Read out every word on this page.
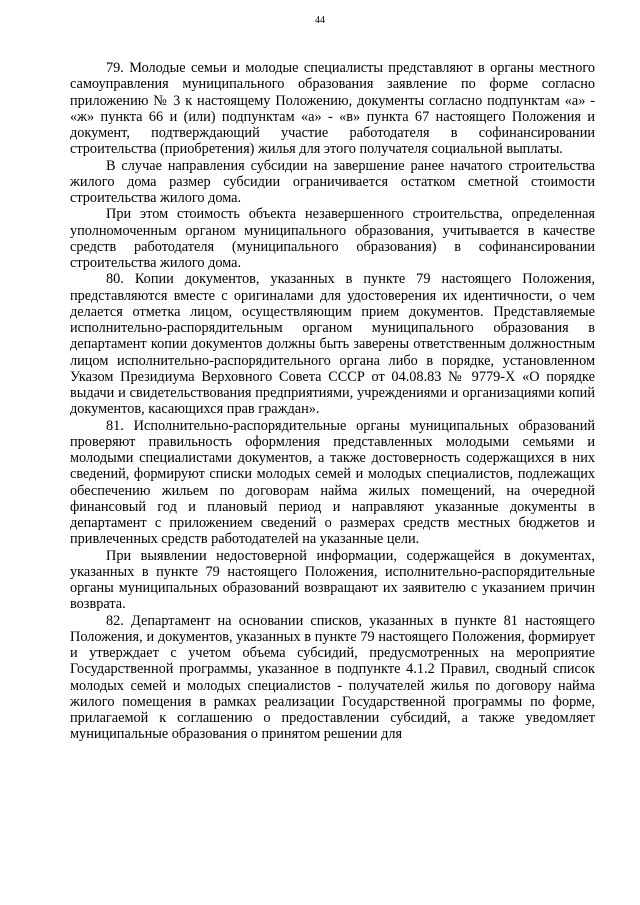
44

79. Молодые семьи и молодые специалисты представляют в органы местного самоуправления муниципального образования заявление по форме согласно приложению № 3 к настоящему Положению, документы согласно подпунктам «а» - «ж» пункта 66 и (или) подпунктам «а» - «в» пункта 67 настоящего Положения и документ, подтверждающий участие работодателя в софинансировании строительства (приобретения) жилья для этого получателя социальной выплаты.

В случае направления субсидии на завершение ранее начатого строительства жилого дома размер субсидии ограничивается остатком сметной стоимости строительства жилого дома.

При этом стоимость объекта незавершенного строительства, определенная уполномоченным органом муниципального образования, учитывается в качестве средств работодателя (муниципального образования) в софинансировании строительства жилого дома.

80. Копии документов, указанных в пункте 79 настоящего Положения, представляются вместе с оригиналами для удостоверения их идентичности, о чем делается отметка лицом, осуществляющим прием документов. Представляемые исполнительно-распорядительным органом муниципального образования в департамент копии документов должны быть заверены ответственным должностным лицом исполнительно-распорядительного органа либо в порядке, установленном Указом Президиума Верховного Совета СССР от 04.08.83 № 9779-X «О порядке выдачи и свидетельствования предприятиями, учреждениями и организациями копий документов, касающихся прав граждан».

81. Исполнительно-распорядительные органы муниципальных образований проверяют правильность оформления представленных молодыми семьями и молодыми специалистами документов, а также достоверность содержащихся в них сведений, формируют списки молодых семей и молодых специалистов, подлежащих обеспечению жильем по договорам найма жилых помещений, на очередной финансовый год и плановый период и направляют указанные документы в департамент с приложением сведений о размерах средств местных бюджетов и привлеченных средств работодателей на указанные цели.

При выявлении недостоверной информации, содержащейся в документах, указанных в пункте 79 настоящего Положения, исполнительно-распорядительные органы муниципальных образований возвращают их заявителю с указанием причин возврата.

82. Департамент на основании списков, указанных в пункте 81 настоящего Положения, и документов, указанных в пункте 79 настоящего Положения, формирует и утверждает с учетом объема субсидий, предусмотренных на мероприятие Государственной программы, указанное в подпункте 4.1.2 Правил, сводный список молодых семей и молодых специалистов - получателей жилья по договору найма жилого помещения в рамках реализации Государственной программы по форме, прилагаемой к соглашению о предоставлении субсидий, а также уведомляет муниципальные образования о принятом решении для
